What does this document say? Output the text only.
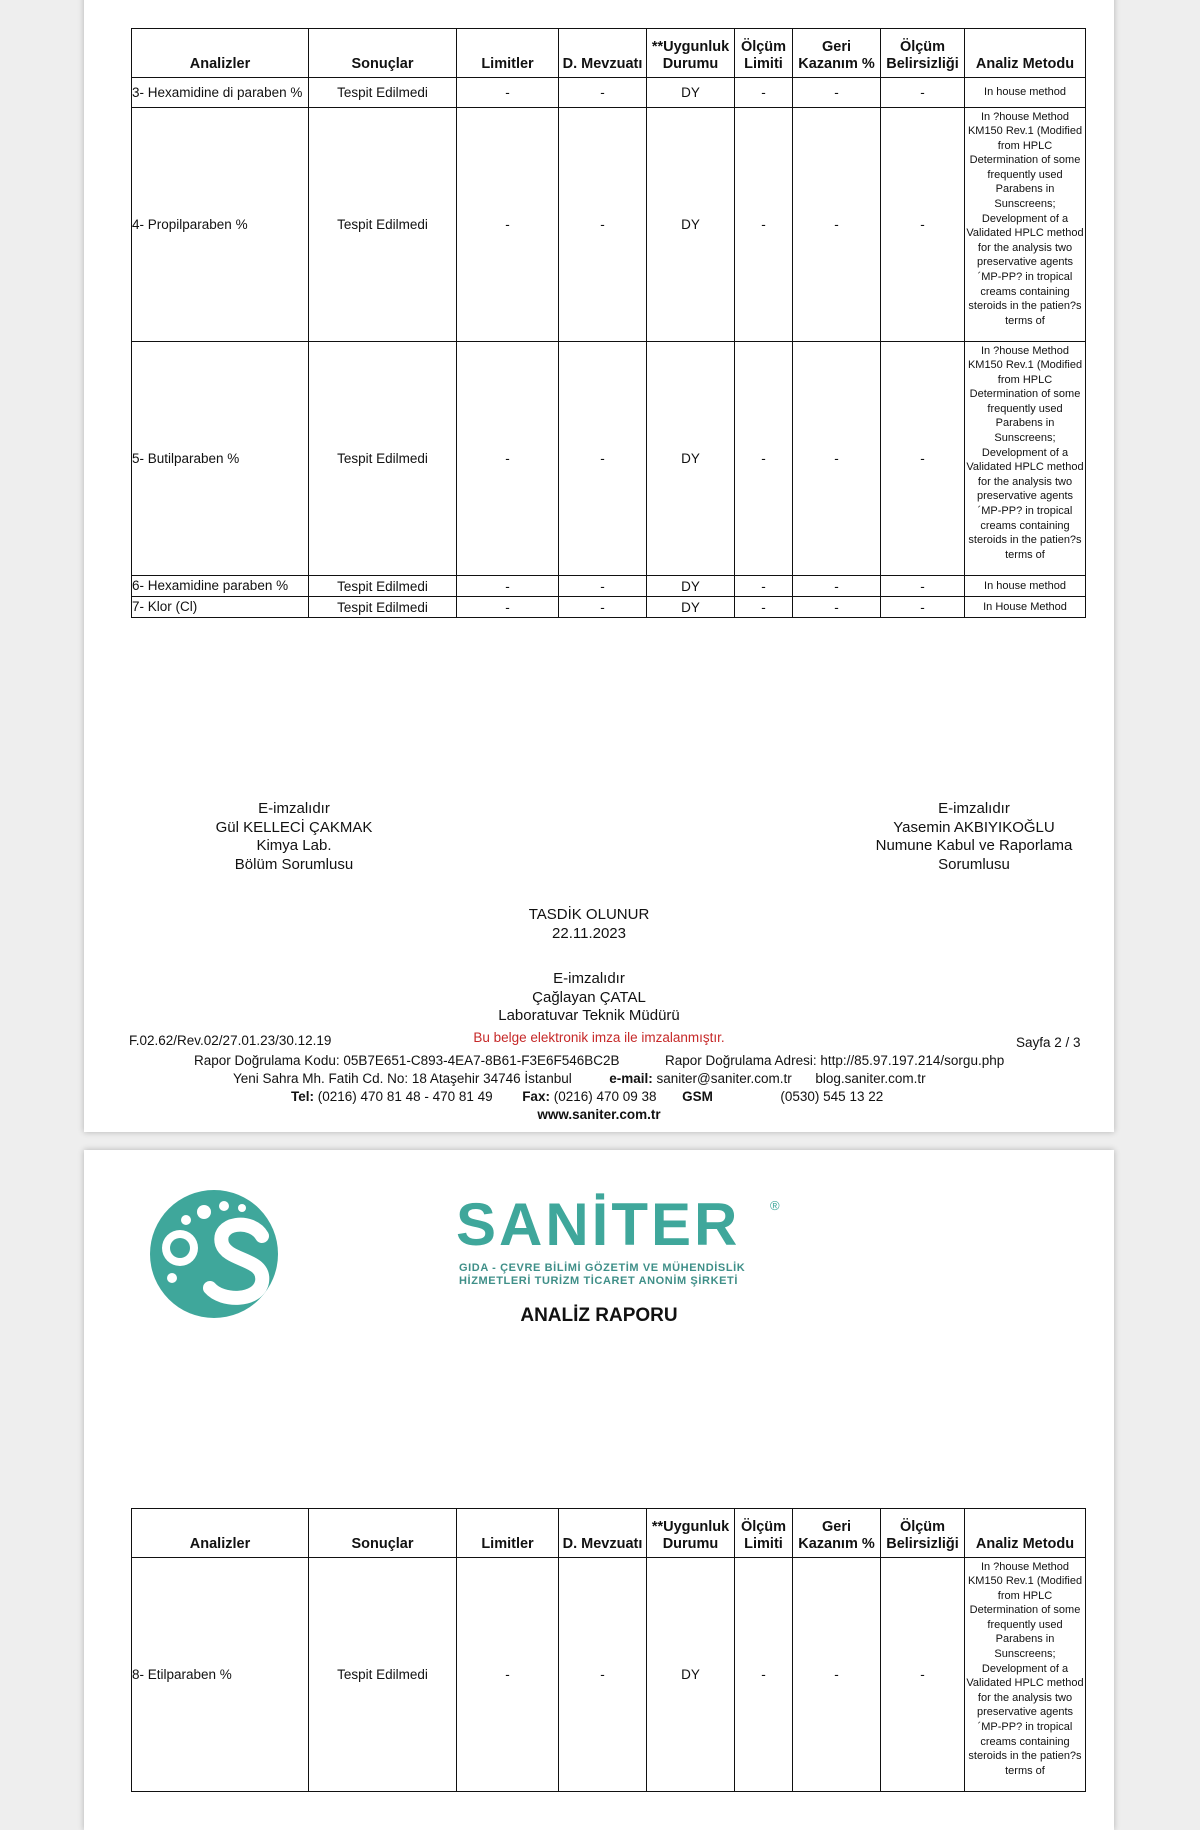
Analizler	Sonuçlar	Limitler	D. Mevzuatı	**Uygunluk Durumu	Ölçüm Limiti	Geri Kazanım %	Ölçüm Belirsizliği	Analiz Metodu
3- Hexamidine di paraben %	Tespit Edilmedi	-	-	DY	-	-	-	In house method
4- Propilparaben %	Tespit Edilmedi	-	-	DY	-	-	-	In ?house Method KM150 Rev.1 (Modified from HPLC Determination of some frequently used Parabens in Sunscreens; Development of a Validated HPLC method for the analysis two preservative agents ´MP-PP? in tropical creams containing steroids in the patien?s terms of

5- Butilparaben %	Tespit Edilmedi	-	-	DY	-	-	-	In ?house Method KM150 Rev.1 (Modified from HPLC Determination of some frequently used Parabens in Sunscreens; Development of a Validated HPLC method for the analysis two preservative agents ´MP-PP? in tropical creams containing steroids in the patien?s terms of

6- Hexamidine paraben %	Tespit Edilmedi	-	-	DY	-	-	-	In house method
7- Klor (Cl)	Tespit Edilmedi	-	-	DY	-	-	-	In House Method
E-imzalıdır
Gül KELLECİ ÇAKMAK
Kimya Lab.
Bölüm Sorumlusu
E-imzalıdır
Yasemin AKBIYIKOĞLU
Numune Kabul ve Raporlama
Sorumlusu
TASDİK OLUNUR
22.11.2023
E-imzalıdır
Çağlayan ÇATAL
Laboratuvar Teknik Müdürü
F.02.62/Rev.02/27.01.23/30.12.19	Bu belge elektronik imza ile imzalanmıştır.	Sayfa 2 / 3
Rapor Doğrulama Kodu: 05B7E651-C893-4EA7-8B61-F3E6F546BC2B	Rapor Doğrulama Adresi: http://85.97.197.214/sorgu.php
Yeni Sahra Mh. Fatih Cd. No: 18 Ataşehir 34746 İstanbul	e-mail: saniter@saniter.com.tr blog.saniter.com.tr
Tel: (0216) 470 81 48 - 470 81 49 Fax: (0216) 470 09 38 GSM	(0530) 545 13 22
www.saniter.com.tr
SANİTER ®
GIDA - ÇEVRE BİLİMİ GÖZETİM VE MÜHENDİSLİK
HİZMETLERİ TURİZM TİCARET ANONİM ŞİRKETİ
ANALİZ RAPORU
Analizler	Sonuçlar	Limitler	D. Mevzuatı	**Uygunluk Durumu	Ölçüm Limiti	Geri Kazanım %	Ölçüm Belirsizliği	Analiz Metodu
8- Etilparaben %	Tespit Edilmedi	-	-	DY	-	-	-	In ?house Method KM150 Rev.1 (Modified from HPLC Determination of some frequently used Parabens in Sunscreens; Development of a Validated HPLC method for the analysis two preservative agents ´MP-PP? in tropical creams containing steroids in the patien?s terms of
